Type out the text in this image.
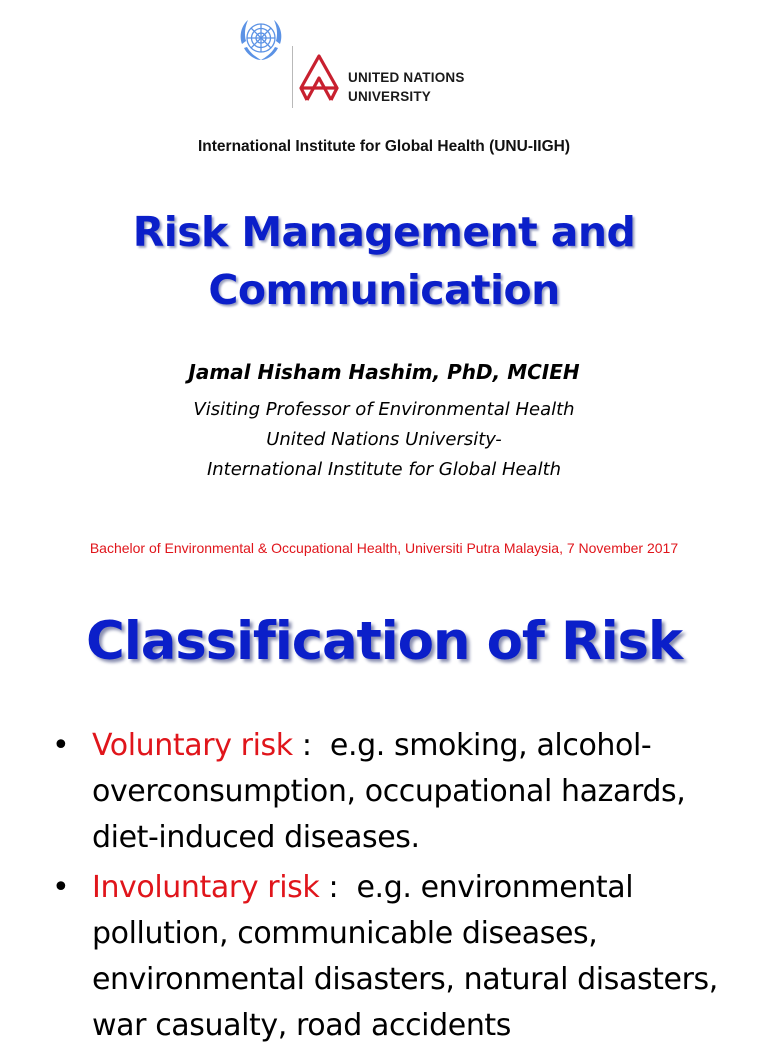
UNITED NATIONS
UNIVERSITY
International Institute for Global Health (UNU-IIGH)
Risk Management and
Communication
Jamal Hisham Hashim, PhD, MCIEH
Visiting Professor of Environmental Health
United Nations University-
International Institute for Global Health
Bachelor of Environmental & Occupational Health, Universiti Putra Malaysia, 7 November 2017
Classification of Risk
• Voluntary risk :  e.g. smoking, alcohol-overconsumption, occupational hazards, diet-induced diseases.
• Involuntary risk :  e.g. environmental pollution, communicable diseases, environmental disasters, natural disasters, war casualty, road accidents
